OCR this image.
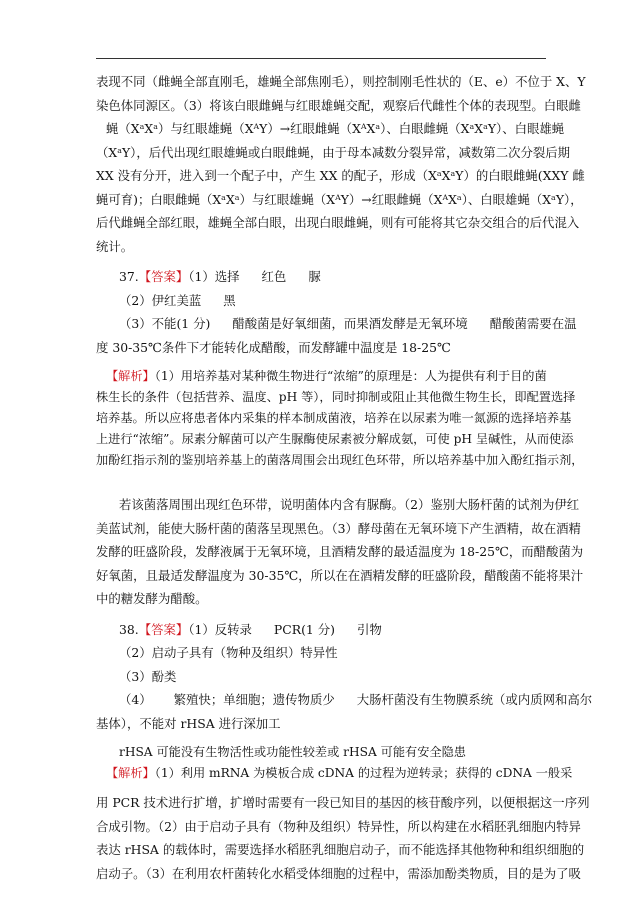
表现不同（雌蝇全部直刚毛，雄蝇全部焦刚毛），则控制刚毛性状的（E、e）不位于 X、Y
染色体同源区。（3）将该白眼雌蝇与红眼雄蝇交配，观察后代雌性个体的表现型。白眼雌
蝇（XᵃXᵃ）与红眼雄蝇（XᴬY）→红眼雌蝇（XᴬXᵃ）、白眼雌蝇（XᵃXᵃY）、白眼雄蝇
（XᵃY），后代出现红眼雄蝇或白眼雌蝇，由于母本减数分裂异常，减数第二次分裂后期
XX 没有分开，进入到一个配子中，产生 XX 的配子，形成（XᵃXᵃY）的白眼雌蝇(XXY 雌
蝇可育)；白眼雌蝇（XᵃXᵃ）与红眼雄蝇（XᴬY）→红眼雌蝇（XᴬXᵃ）、白眼雄蝇（XᵃY），
后代雌蝇全部红眼，雄蝇全部白眼，出现白眼雌蝇，则有可能将其它杂交组合的后代混入
统计。
37.【答案】（1）选择 红色 脲
（2）伊红美蓝 黑
（3）不能(1 分) 醋酸菌是好氧细菌，而果酒发酵是无氧环境 醋酸菌需要在温
度 30-35℃条件下才能转化成醋酸，而发酵罐中温度是 18-25℃
【解析】（1）用培养基对某种微生物进行“浓缩”的原理是：人为提供有利于目的菌
株生长的条件（包括营养、温度、pH 等），同时抑制或阻止其他微生物生长，即配置选择
培养基。所以应将患者体内采集的样本制成菌液，培养在以尿素为唯一氮源的选择培养基
上进行“浓缩”。尿素分解菌可以产生脲酶使尿素被分解成氨，可使 pH 呈碱性，从而使添
加酚红指示剂的鉴别培养基上的菌落周围会出现红色环带，所以培养基中加入酚红指示剂，
若该菌落周围出现红色环带，说明菌体内含有脲酶。（2）鉴别大肠杆菌的试剂为伊红
美蓝试剂，能使大肠杆菌的菌落呈现黑色。（3）酵母菌在无氧环境下产生酒精，故在酒精
发酵的旺盛阶段，发酵液属于无氧环境，且酒精发酵的最适温度为 18-25℃，而醋酸菌为
好氧菌，且最适发酵温度为 30-35℃，所以在在酒精发酵的旺盛阶段，醋酸菌不能将果汁
中的糖发酵为醋酸。
38.【答案】（1）反转录 PCR(1 分) 引物
（2）启动子具有（物种及组织）特异性
（3）酚类
（4） 繁殖快；单细胞；遗传物质少 大肠杆菌没有生物膜系统（或内质网和高尔
基体），不能对 rHSA 进行深加工
rHSA 可能没有生物活性或功能性较差或 rHSA 可能有安全隐患
【解析】（1）利用 mRNA 为模板合成 cDNA 的过程为逆转录；获得的 cDNA 一般采
用 PCR 技术进行扩增，扩增时需要有一段已知目的基因的核苷酸序列，以便根据这一序列
合成引物。（2）由于启动子具有（物种及组织）特异性，所以构建在水稻胚乳细胞内特异
表达 rHSA 的载体时，需要选择水稻胚乳细胞启动子，而不能选择其他物种和组织细胞的
启动子。（3）在利用农杆菌转化水稻受体细胞的过程中，需添加酚类物质，目的是为了吸
